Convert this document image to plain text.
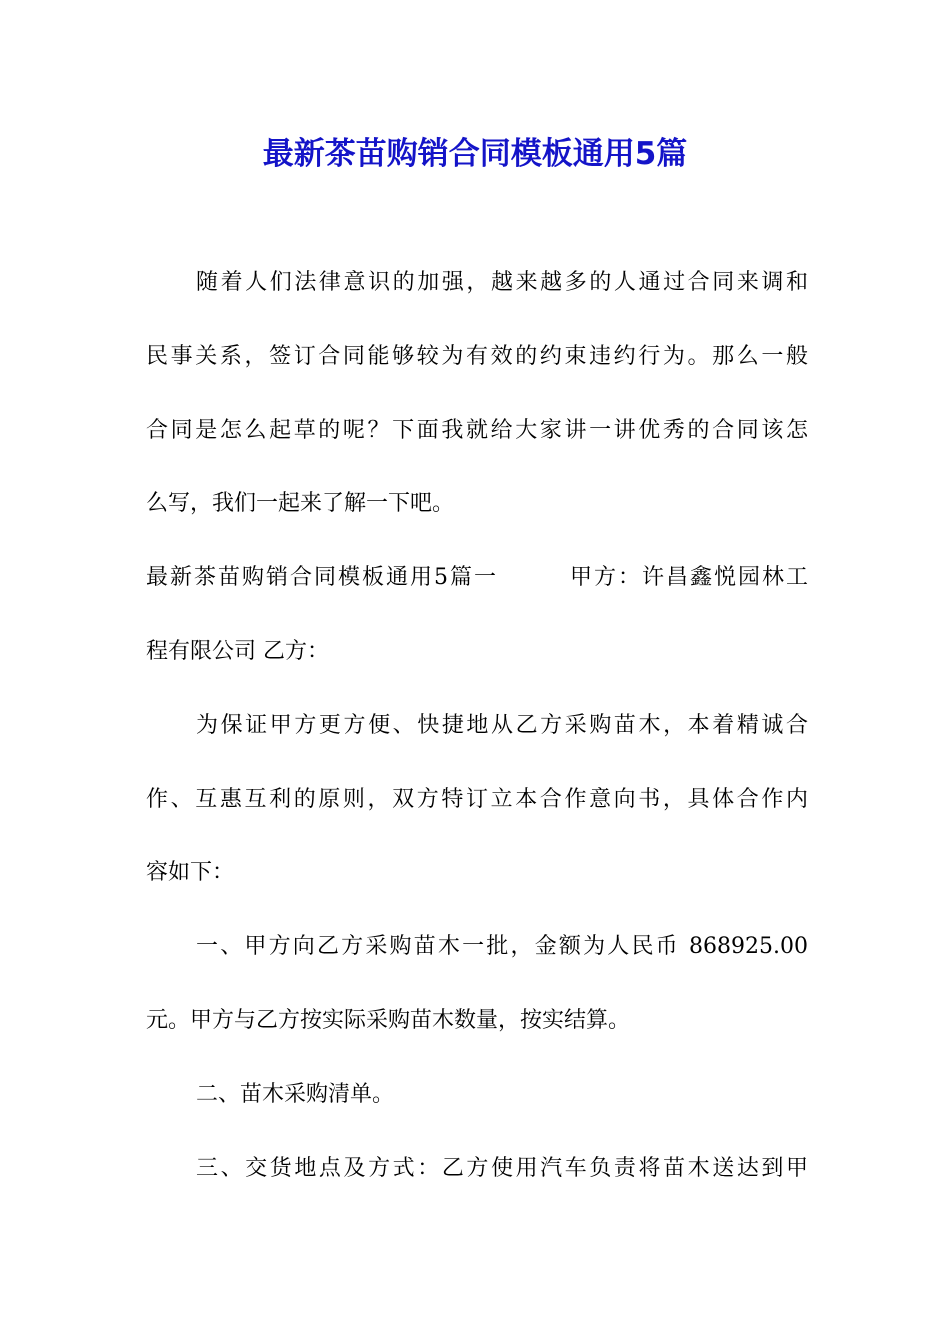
最新茶苗购销合同模板通用5篇
随着人们法律意识的加强，越来越多的人通过合同来调和
民事关系，签订合同能够较为有效的约束违约行为。那么一般
合同是怎么起草的呢？下面我就给大家讲一讲优秀的合同该怎
么写，我们一起来了解一下吧。
最新茶苗购销合同模板通用5篇一　　　甲方：许昌鑫悦园林工
程有限公司 乙方：
为保证甲方更方便、快捷地从乙方采购苗木，本着精诚合
作、互惠互利的原则，双方特订立本合作意向书，具体合作内
容如下：
一、甲方向乙方采购苗木一批，金额为人民币 868925.00
元。甲方与乙方按实际采购苗木数量，按实结算。
二、苗木采购清单。
三、交货地点及方式：乙方使用汽车负责将苗木送达到甲
